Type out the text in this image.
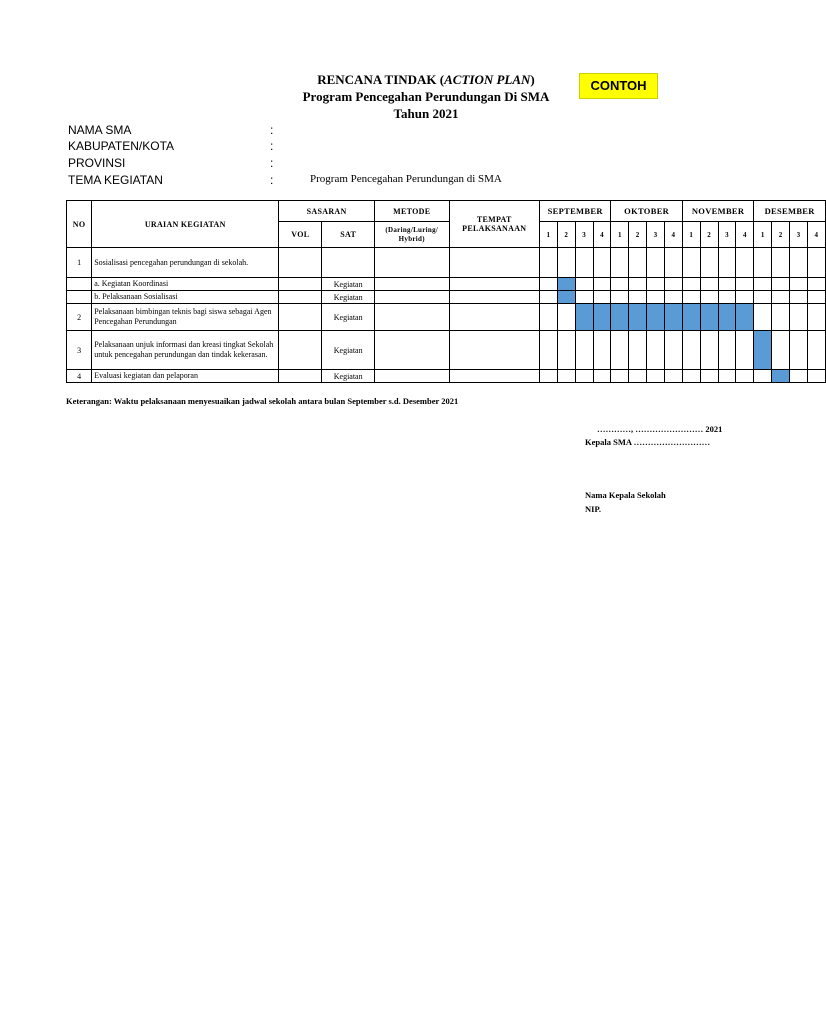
RENCANA TINDAK (ACTION PLAN)
Program Pencegahan Perundungan Di SMA
Tahun 2021
CONTOH
NAMA SMA	:
KABUPATEN/KOTA	:
PROVINSI	:
TEMA KEGIATAN	:	Program Pencegahan Perundungan di SMA
NO	URAIAN KEGIATAN	SASARAN		METODE	TEMPAT PELAKSANAAN	SEPTEMBER				OKTOBER				NOVEMBER				DESEMBER			
		VOL	SAT	(Daring/Luring/ Hybrid)		1	2	3	4	1	2	3	4	1	2	3	4	1	2	3	4
1	Sosialisasi pencegahan perundungan di sekolah.																				
	a. Kegiatan Koordinasi		Kegiatan																		
	b. Pelaksanaan Sosialisasi		Kegiatan																		
2	Pelaksanaan bimbingan teknis bagi siswa sebagai Agen Pencegahan Perundungan		Kegiatan																		
3	Pelaksanaan unjuk informasi dan kreasi tingkat Sekolah untuk pencegahan perundungan dan tindak kekerasan.		Kegiatan																		
4	Evaluasi kegiatan dan pelaporan		Kegiatan																		
Keterangan: Waktu pelaksanaan menyesuaikan jadwal sekolah antara bulan September s.d. Desember 2021
…………, …………………… 2021
Kepala SMA ………………………
Nama Kepala Sekolah
NIP.
